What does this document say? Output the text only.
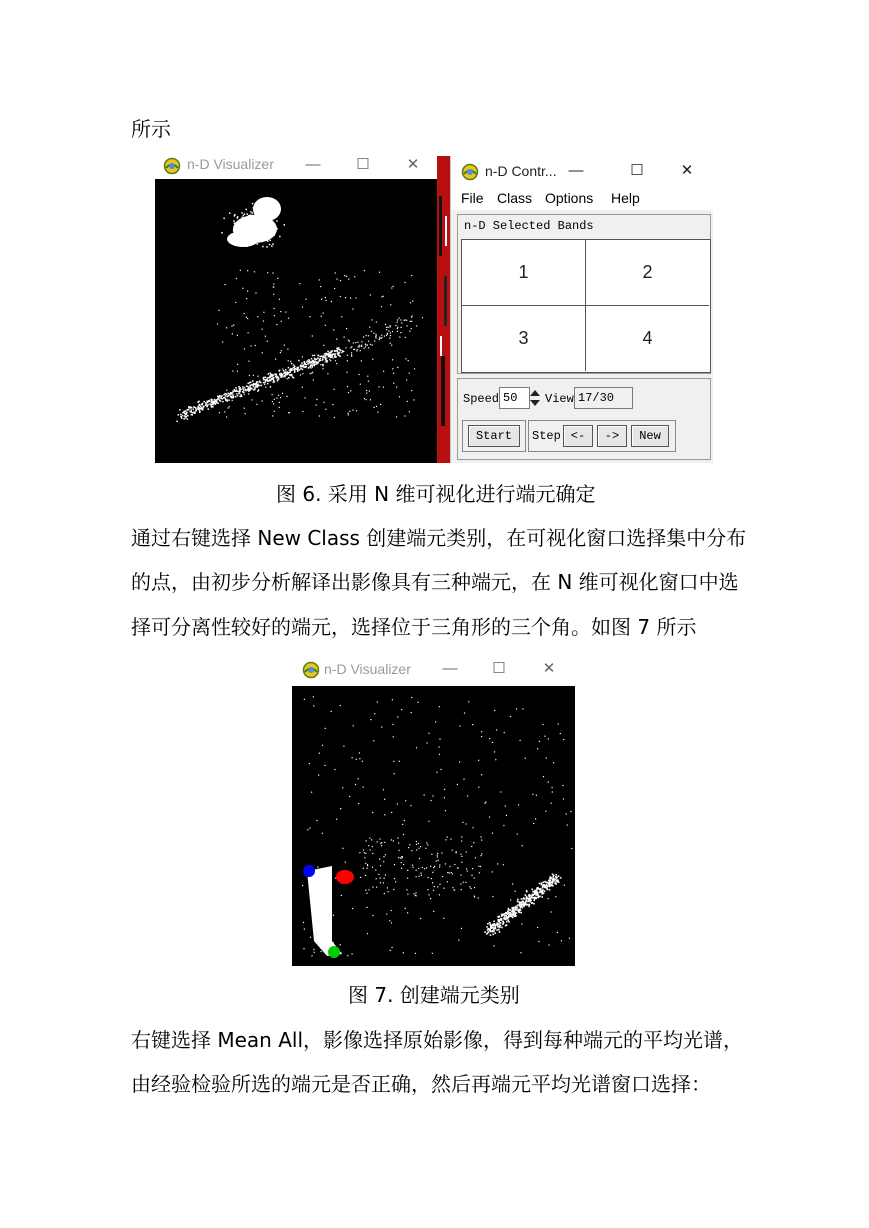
所示
n-D Visualizer	—	☐	✕	n-D Contr... —	☐	✕
File Class Options Help
n-D Selected Bands
1	2
3	4
Speed 50	View 17/30
Start	Step <-	->	New
图 6. 采用 N 维可视化进行端元确定
通过右键选择 New Class 创建端元类别，在可视化窗口选择集中分布
的点，由初步分析解译出影像具有三种端元，在 N 维可视化窗口中选
择可分离性较好的端元，选择位于三角形的三个角。如图 7 所示
n-D Visualizer	—	☐	✕
图 7. 创建端元类别
右键选择 Mean All，影像选择原始影像，得到每种端元的平均光谱，
由经验检验所选的端元是否正确，然后再端元平均光谱窗口选择：
